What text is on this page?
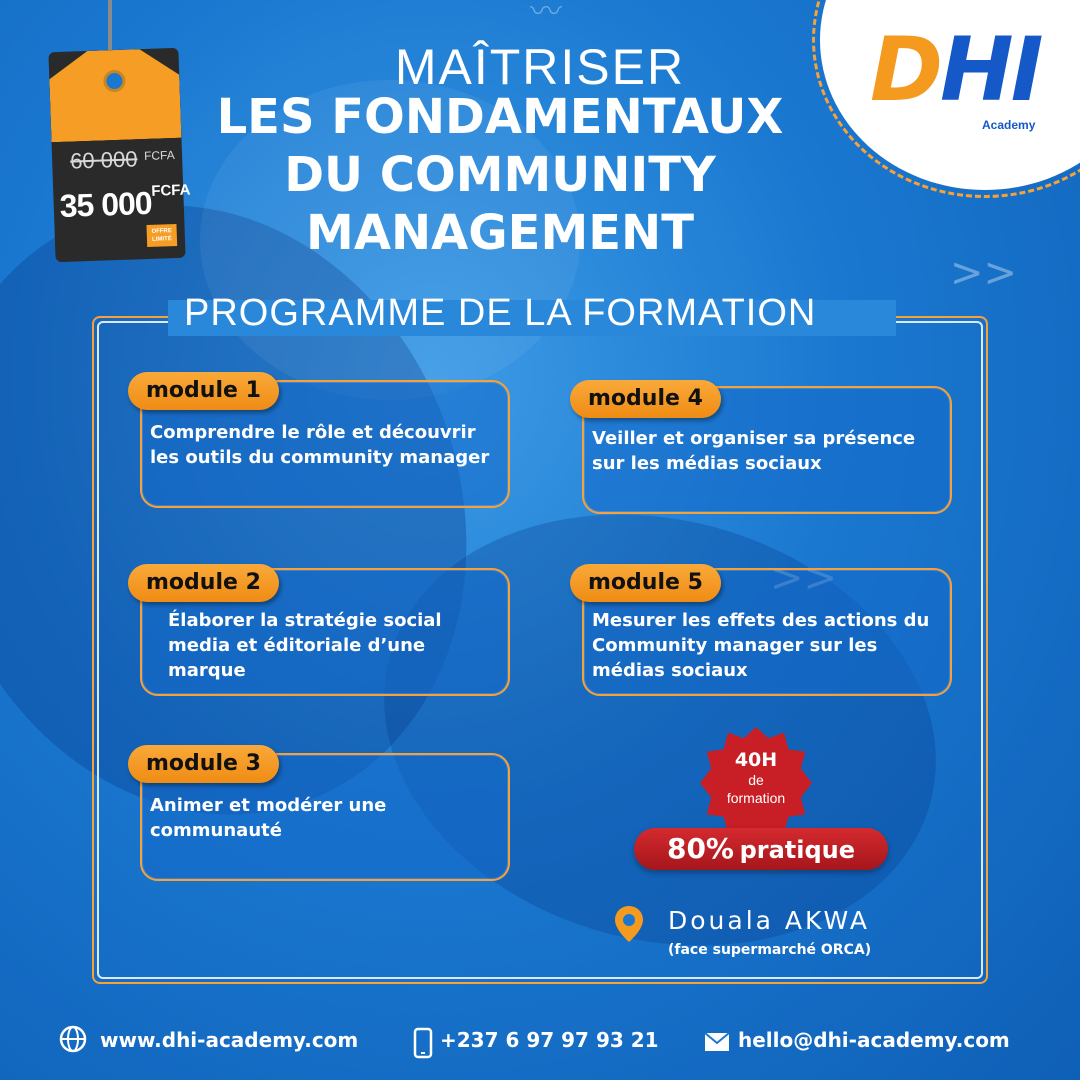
>>
〰
DHI
Academy
60 000 FCFA
35 000
FCFA
OFFRE LIMITÉ
MAÎTRISER
LES FONDAMENTAUX
DU COMMUNITY
MANAGEMENT
PROGRAMME DE LA FORMATION
module 1
Comprendre le rôle et découvrir les outils du community manager
module 2
Élaborer la stratégie social media et éditoriale d’une marque
module 3
Animer et modérer une communauté
module 4
Veiller et organiser sa présence sur les médias sociaux
module 5
Mesurer les effets des actions du Community manager sur les médias sociaux
40H
de
formation
80% pratique
Douala AKWA
(face supermarché ORCA)
www.dhi-academy.com	+237 6 97 97 93 21	hello@dhi-academy.com
